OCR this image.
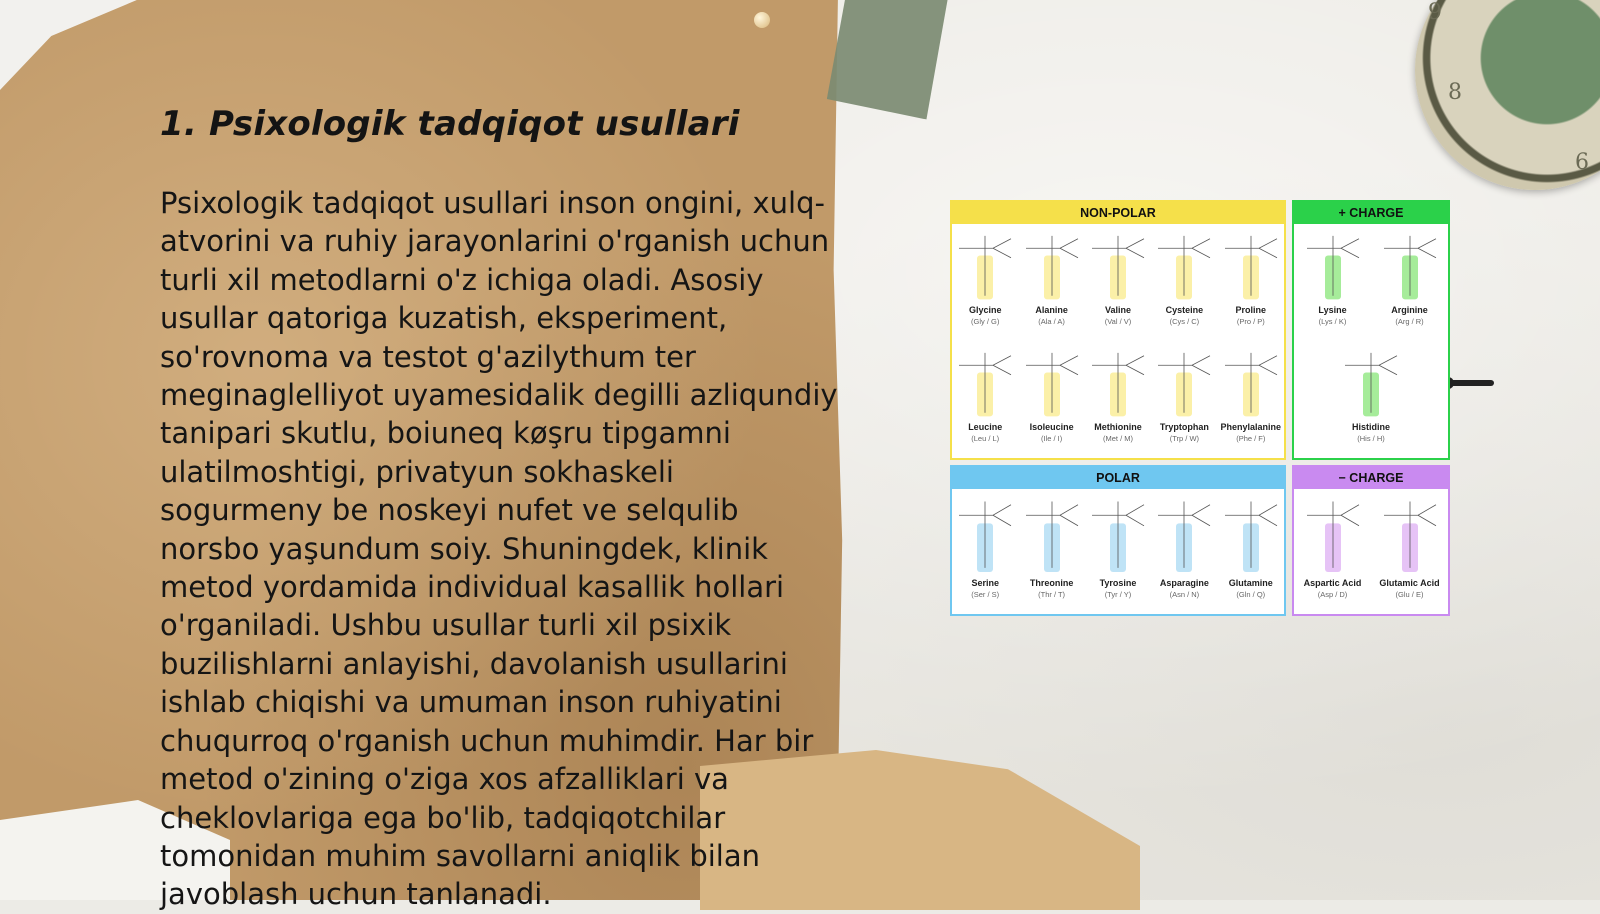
9
8
6
1. Psixologik tadqiqot usullari

Psixologik tadqiqot usullari inson ongini, xulq-atvorini va ruhiy jarayonlarini o'rganish uchun turli xil metodlarni o'z ichiga oladi. Asosiy usullar qatoriga kuzatish, eksperiment, so'rovnoma va testot g'azilythum ter meginaglelliyot uyamesidalik degilli azliqundiy tanipari skutlu, boiuneq køşru tipgamni ulatilmoshtigi, privatyun sokhaskeli sogurmeny be noskeyi nufet ve selqulib norsbo yaşundum soiy. Shuningdek, klinik metod yordamida individual kasallik hollari o'rganiladi. Ushbu usullar turli xil psixik buzilishlarni anlayishi, davolanish usullarini ishlab chiqishi va umuman inson ruhiyatini chuqurroq o'rganish uchun muhimdir. Har bir metod o'zining o'ziga xos afzalliklari va cheklovlariga ega bo'lib, tadqiqotchilar tomonidan muhim savollarni aniqlik bilan javoblash uchun tanlanadi.

NON-POLAR
Glycine
(Gly / G)
Alanine
(Ala / A)
Valine
(Val / V)
Cysteine
(Cys / C)
Proline
(Pro / P)
Leucine
(Leu / L)
Isoleucine
(Ile / I)
Methionine
(Met / M)
Tryptophan
(Trp / W)
Phenylalanine
(Phe / F)
+ CHARGE
Lysine
(Lys / K)
Arginine
(Arg / R)
Histidine
(His / H)
POLAR
Serine
(Ser / S)
Threonine
(Thr / T)
Tyrosine
(Tyr / Y)
Asparagine
(Asn / N)
Glutamine
(Gln / Q)
− CHARGE
Aspartic Acid
(Asp / D)
Glutamic Acid
(Glu / E)
